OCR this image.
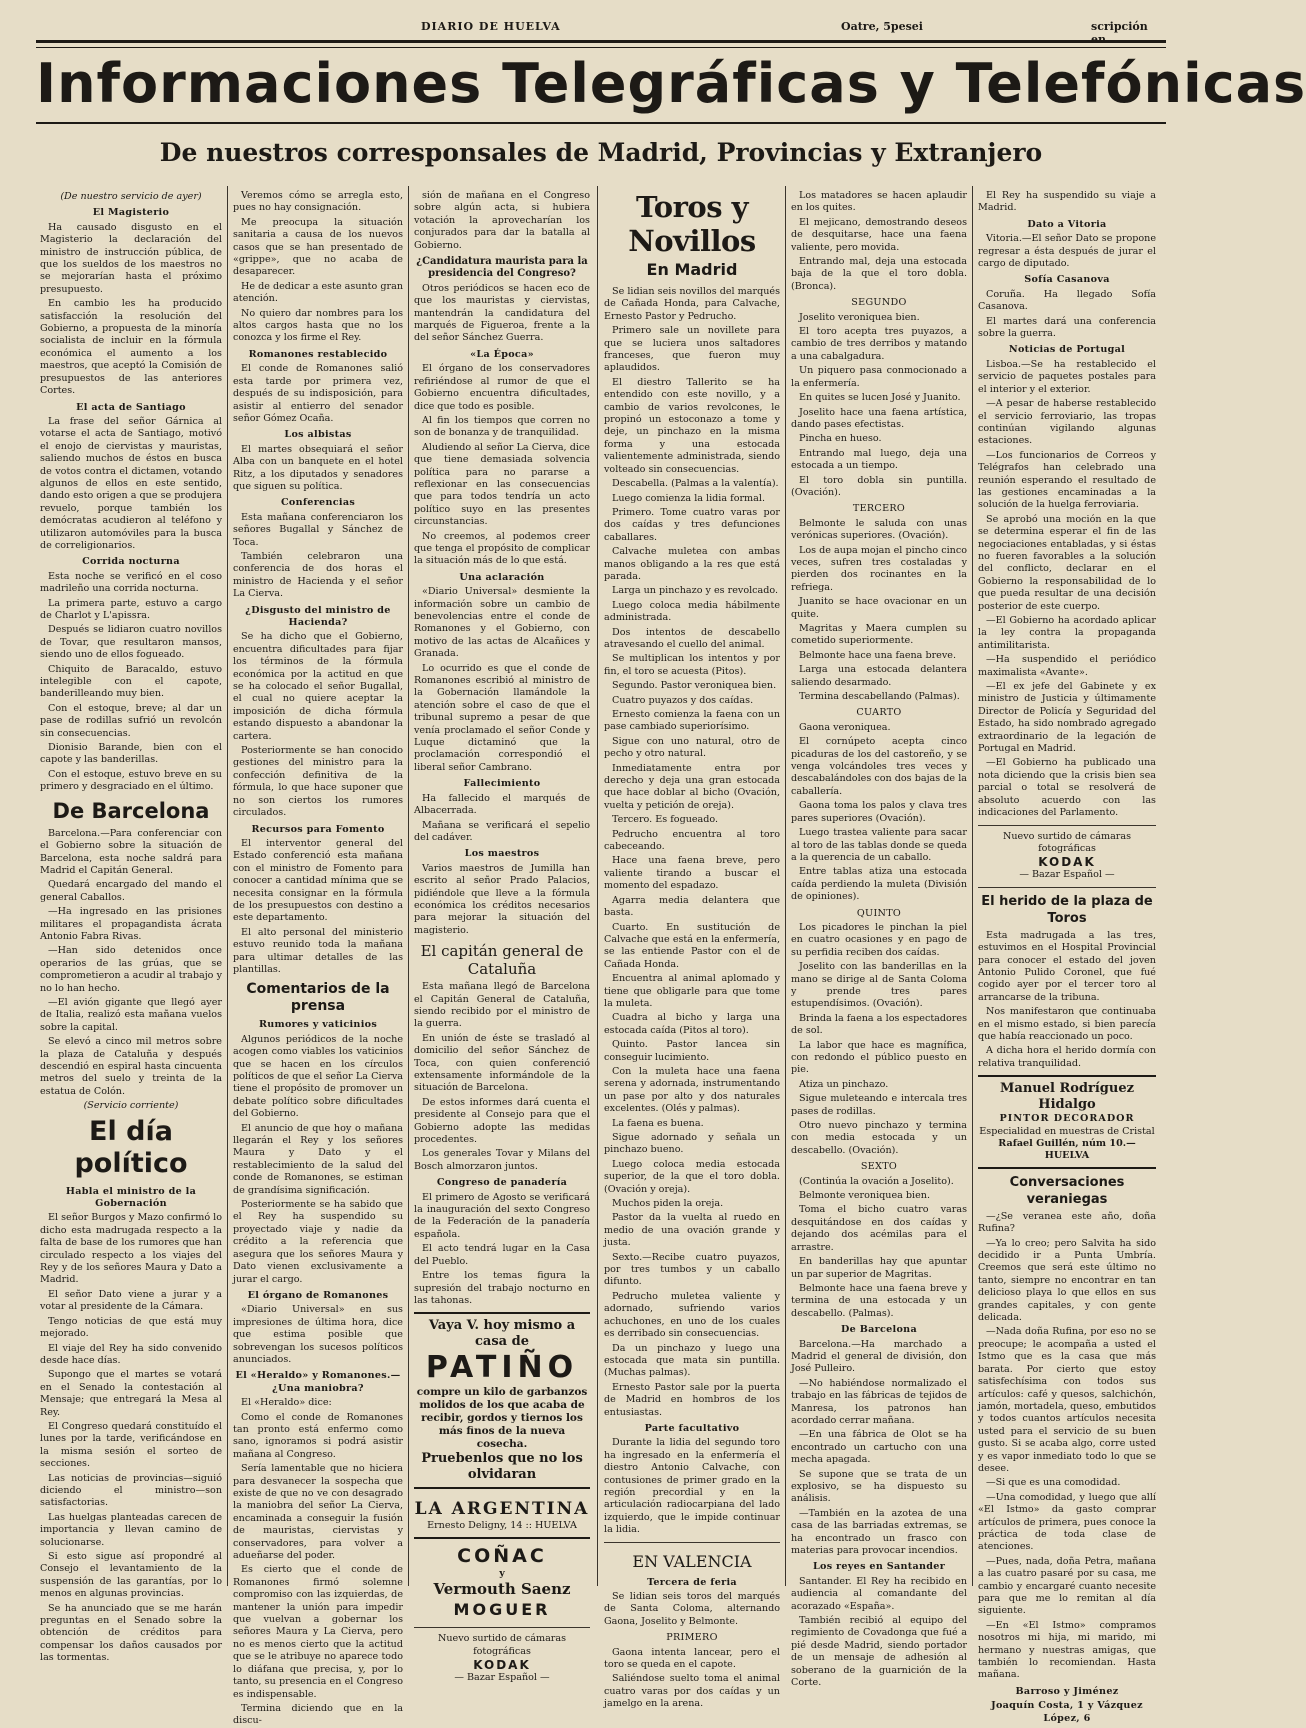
DIARIO DE HUELVA	Oatre, 5pesei	scripción en
Informaciones Telegráficas y Telefónicas
De nuestros corresponsales de Madrid, Provincias y Extranjero
(De nuestro servicio de ayer)
El Magisterio

Ha causado disgusto en el Magisterio la declaración del ministro de instrucción pública, de que los sueldos de los maestros no se mejorarían hasta el próximo presupuesto.

En cambio les ha producido satisfacción la resolución del Gobierno, a propuesta de la minoría socialista de incluir en la fórmula económica el aumento a los maestros, que aceptó la Comisión de presupuestos de las anteriores Cortes.

El acta de Santiago

La frase del señor Gárnica al votarse el acta de Santiago, motivó el enojo de ciervistas y mauristas, saliendo muchos de éstos en busca de votos contra el dictamen, votando algunos de ellos en este sentido, dando esto origen a que se produjera revuelo, porque también los demócratas acudieron al teléfono y utilizaron automóviles para la busca de correligionarios.

Corrida nocturna

Esta noche se verificó en el coso madrileño una corrida nocturna.

La primera parte, estuvo a cargo de Charlot y L'apissra.

Después se lidiaron cuatro novillos de Tovar, que resultaron mansos, siendo uno de ellos fogueado.

Chiquito de Baracaldo, estuvo intelegible con el capote, banderilleando muy bien.

Con el estoque, breve; al dar un pase de rodillas sufrió un revolcón sin consecuencias.

Dionisio Barande, bien con el capote y las banderillas.

Con el estoque, estuvo breve en su primero y desgraciado en el último.

De Barcelona

Barcelona.—Para conferenciar con el Gobierno sobre la situación de Barcelona, esta noche saldrá para Madrid el Capitán General.

Quedará encargado del mando el general Caballos.

—Ha ingresado en las prisiones militares el propagandista ácrata Antonio Fabra Rivas.

—Han sido detenidos once operarios de las grúas, que se comprometieron a acudir al trabajo y no lo han hecho.

—El avión gigante que llegó ayer de Italia, realizó esta mañana vuelos sobre la capital.

Se elevó a cinco mil metros sobre la plaza de Cataluña y después descendió en espiral hasta cincuenta metros del suelo y treinta de la estatua de Colón.

(Servicio corriente)
El día político
Habla el ministro de la Gobernación

El señor Burgos y Mazo confirmó lo dicho esta madrugada respecto a la falta de base de los rumores que han circulado respecto a los viajes del Rey y de los señores Maura y Dato a Madrid.

El señor Dato viene a jurar y a votar al presidente de la Cámara.

Tengo noticias de que está muy mejorado.

El viaje del Rey ha sido convenido desde hace días.

Supongo que el martes se votará en el Senado la contestación al Mensaje; que entregará la Mesa al Rey.

El Congreso quedará constituído el lunes por la tarde, verificándose en la misma sesión el sorteo de secciones.

Las noticias de provincias—siguió diciendo el ministro—son satisfactorias.

Las huelgas planteadas carecen de importancia y llevan camino de solucionarse.

Si esto sigue así propondré al Consejo el levantamiento de la suspensión de las garantías, por lo menos en algunas provincias.

Se ha anunciado que se me harán preguntas en el Senado sobre la obtención de créditos para compensar los daños causados por las tormentas.

Veremos cómo se arregla esto, pues no hay consignación.

Me preocupa la situación sanitaria a causa de los nuevos casos que se han presentado de «grippe», que no acaba de desaparecer.

He de dedicar a este asunto gran atención.

No quiero dar nombres para los altos cargos hasta que no los conozca y los firme el Rey.

Romanones restablecido

El conde de Romanones salió esta tarde por primera vez, después de su indisposición, para asistir al entierro del senador señor Gómez Ocaña.

Los albistas

El martes obsequiará el señor Alba con un banquete en el hotel Ritz, a los diputados y senadores que siguen su política.

Conferencias

Esta mañana conferenciaron los señores Bugallal y Sánchez de Toca.

También celebraron una conferencia de dos horas el ministro de Hacienda y el señor La Cierva.

¿Disgusto del ministro de Hacienda?

Se ha dicho que el Gobierno, encuentra dificultades para fijar los términos de la fórmula económica por la actitud en que se ha colocado el señor Bugallal, el cual no quiere aceptar la imposición de dicha fórmula estando dispuesto a abandonar la cartera.

Posteriormente se han conocido gestiones del ministro para la confección definitiva de la fórmula, lo que hace suponer que no son ciertos los rumores circulados.

Recursos para Fomento

El interventor general del Estado conferenció esta mañana con el ministro de Fomento para conocer a cantidad mínima que se necesita consignar en la fórmula de los presupuestos con destino a este departamento.

El alto personal del ministerio estuvo reunido toda la mañana para ultimar detalles de las plantillas.

Comentarios de la prensa
Rumores y vaticinios

Algunos periódicos de la noche acogen como viables los vaticinios que se hacen en los círculos políticos de que el señor La Cierva tiene el propósito de promover un debate político sobre dificultades del Gobierno.

El anuncio de que hoy o mañana llegarán el Rey y los señores Maura y Dato y el restablecimiento de la salud del conde de Romanones, se estiman de grandísima significación.

Posteriormente se ha sabido que el Rey ha suspendido su proyectado viaje y nadie da crédito a la referencia que asegura que los señores Maura y Dato vienen exclusivamente a jurar el cargo.

El órgano de Romanones

«Diario Universal» en sus impresiones de última hora, dice que estima posible que sobrevengan los sucesos políticos anunciados.

El «Heraldo» y Romanones.—¿Una maniobra?

El «Heraldo» dice:

Como el conde de Romanones tan pronto está enfermo como sano, ignoramos si podrá asistir mañana al Congreso.

Sería lamentable que no hiciera para desvanecer la sospecha que existe de que no ve con desagrado la maniobra del señor La Cierva, encaminada a conseguir la fusión de mauristas, ciervistas y conservadores, para volver a adueñarse del poder.

Es cierto que el conde de Romanones firmó solemne compromiso con las izquierdas, de mantener la unión para impedir que vuelvan a gobernar los señores Maura y La Cierva, pero no es menos cierto que la actitud que se le atribuye no aparece todo lo diáfana que precisa, y, por lo tanto, su presencia en el Congreso es indispensable.

Termina diciendo que en la discu-

sión de mañana en el Congreso sobre algún acta, si hubiera votación la aprovecharían los conjurados para dar la batalla al Gobierno.

¿Candidatura maurista para la presidencia del Congreso?

Otros periódicos se hacen eco de que los mauristas y ciervistas, mantendrán la candidatura del marqués de Figueroa, frente a la del señor Sánchez Guerra.

«La Época»

El órgano de los conservadores refiriéndose al rumor de que el Gobierno encuentra dificultades, dice que todo es posible.

Al fin los tiempos que corren no son de bonanza y de tranquilidad.

Aludiendo al señor La Cierva, dice que tiene demasiada solvencia política para no pararse a reflexionar en las consecuencias que para todos tendría un acto político suyo en las presentes circunstancias.

No creemos, al podemos creer que tenga el propósito de complicar la situación más de lo que está.

Una aclaración

«Diario Universal» desmiente la información sobre un cambio de benevolencias entre el conde de Romanones y el Gobierno, con motivo de las actas de Alcañices y Granada.

Lo ocurrido es que el conde de Romanones escribió al ministro de la Gobernación llamándole la atención sobre el caso de que el tribunal supremo a pesar de que venía proclamado el señor Conde y Luque dictaminó que la proclamación correspondió el liberal señor Cambrano.

Fallecimiento

Ha fallecido el marqués de Albacerrada.

Mañana se verificará el sepelio del cadáver.

Los maestros

Varios maestros de Jumilla han escrito al señor Prado Palacios, pidiéndole que lleve a la fórmula económica los créditos necesarios para mejorar la situación del magisterio.

El capitán general de Cataluña

Esta mañana llegó de Barcelona el Capitán General de Cataluña, siendo recibido por el ministro de la guerra.

En unión de éste se trasladó al domicilio del señor Sánchez de Toca, con quien conferenció extensamente informándole de la situación de Barcelona.

De estos informes dará cuenta el presidente al Consejo para que el Gobierno adopte las medidas procedentes.

Los generales Tovar y Milans del Bosch almorzaron juntos.

Congreso de panadería

El primero de Agosto se verificará la inauguración del sexto Congreso de la Federación de la panadería española.

El acto tendrá lugar en la Casa del Pueblo.

Entre los temas figura la supresión del trabajo nocturno en las tahonas.

Vaya V. hoy mismo a casa de
PATIÑO
compre un kilo de garbanzos molidos de los que acaba de recibir, gordos y tiernos los más finos de la nueva cosecha.
Pruebenlos que no los olvidaran
LA ARGENTINA
Ernesto Deligny, 14 :: HUELVA
COÑAC
y
Vermouth Saenz
MOGUER
Nuevo surtido de cámaras fotográficas
KODAK
— Bazar Español —
Toros y Novillos
En Madrid

Se lidian seis novillos del marqués de Cañada Honda, para Calvache, Ernesto Pastor y Pedrucho.

Primero sale un novillete para que se luciera unos saltadores franceses, que fueron muy aplaudidos.

El diestro Tallerito se ha entendido con este novillo, y a cambio de varios revolcones, le propinó un estoconazo a tome y deje, un pinchazo en la misma forma y una estocada valientemente administrada, siendo volteado sin consecuencias.

Descabella. (Palmas a la valentía).

Luego comienza la lidia formal.

Primero. Tome cuatro varas por dos caídas y tres defunciones caballares.

Calvache muletea con ambas manos obligando a la res que está parada.

Larga un pinchazo y es revolcado.

Luego coloca media hábilmente administrada.

Dos intentos de descabello atravesando el cuello del animal.

Se multiplican los intentos y por fin, el toro se acuesta (Pitos).

Segundo. Pastor veroniquea bien.

Cuatro puyazos y dos caídas.

Ernesto comienza la faena con un pase cambiado superiorísimo.

Sigue con uno natural, otro de pecho y otro natural.

Inmediatamente entra por derecho y deja una gran estocada que hace doblar al bicho (Ovación, vuelta y petición de oreja).

Tercero. Es fogueado.

Pedrucho encuentra al toro cabeceando.

Hace una faena breve, pero valiente tirando a buscar el momento del espadazo.

Agarra media delantera que basta.

Cuarto. En sustitución de Calvache que está en la enfermería, se las entiende Pastor con el de Cañada Honda.

Encuentra al animal aplomado y tiene que obligarle para que tome la muleta.

Cuadra al bicho y larga una estocada caída (Pitos al toro).

Quinto. Pastor lancea sin conseguir lucimiento.

Con la muleta hace una faena serena y adornada, instrumentando un pase por alto y dos naturales excelentes. (Olés y palmas).

La faena es buena.

Sigue adornado y señala un pinchazo bueno.

Luego coloca media estocada superior, de la que el toro dobla. (Ovación y oreja).

Muchos piden la oreja.

Pastor da la vuelta al ruedo en medio de una ovación grande y justa.

Sexto.—Recibe cuatro puyazos, por tres tumbos y un caballo difunto.

Pedrucho muletea valiente y adornado, sufriendo varios achuchones, en uno de los cuales es derribado sin consecuencias.

Da un pinchazo y luego una estocada que mata sin puntilla. (Muchas palmas).

Ernesto Pastor sale por la puerta de Madrid en hombros de los entusiastas.

Parte facultativo

Durante la lidia del segundo toro ha ingresado en la enfermería el diestro Antonio Calvache, con contusiones de primer grado en la región precordial y en la articulación radiocarpiana del lado izquierdo, que le impide continuar la lidia.

EN VALENCIA
Tercera de feria

Se lidian seis toros del marqués de Santa Coloma, alternando Gaona, Joselito y Belmonte.

PRIMERO

Gaona intenta lancear, pero el toro se queda en el capote.

Saliéndose suelto toma el animal cuatro varas por dos caídas y un jamelgo en la arena.

Los matadores se hacen aplaudir en los quites.

El mejicano, demostrando deseos de desquitarse, hace una faena valiente, pero movida.

Entrando mal, deja una estocada baja de la que el toro dobla. (Bronca).

SEGUNDO

Joselito veroniquea bien.

El toro acepta tres puyazos, a cambio de tres derribos y matando a una cabalgadura.

Un piquero pasa conmocionado a la enfermería.

En quites se lucen José y Juanito.

Joselito hace una faena artística, dando pases efectistas.

Pincha en hueso.

Entrando mal luego, deja una estocada a un tiempo.

El toro dobla sin puntilla. (Ovación).

TERCERO

Belmonte le saluda con unas verónicas superiores. (Ovación).

Los de aupa mojan el pincho cinco veces, sufren tres costaladas y pierden dos rocinantes en la refriega.

Juanito se hace ovacionar en un quite.

Magritas y Maera cumplen su cometido superiormente.

Belmonte hace una faena breve.

Larga una estocada delantera saliendo desarmado.

Termina descabellando (Palmas).

CUARTO

Gaona veroniquea.

El cornúpeto acepta cinco picaduras de los del castoreño, y se venga volcándoles tres veces y descabalándoles con dos bajas de la caballería.

Gaona toma los palos y clava tres pares superiores (Ovación).

Luego trastea valiente para sacar al toro de las tablas donde se queda a la querencia de un caballo.

Entre tablas atiza una estocada caída perdiendo la muleta (División de opiniones).

QUINTO

Los picadores le pinchan la piel en cuatro ocasiones y en pago de su perfidia reciben dos caídas.

Joselito con las banderillas en la mano se dirige al de Santa Coloma y prende tres pares estupendísimos. (Ovación).

Brinda la faena a los espectadores de sol.

La labor que hace es magnífica, con redondo el público puesto en pie.

Atiza un pinchazo.

Sigue muleteando e intercala tres pases de rodillas.

Otro nuevo pinchazo y termina con media estocada y un descabello. (Ovación).

SEXTO

(Continúa la ovación a Joselito).

Belmonte veroniquea bien.

Toma el bicho cuatro varas desquitándose en dos caídas y dejando dos acémilas para el arrastre.

En banderillas hay que apuntar un par superior de Magritas.

Belmonte hace una faena breve y termina de una estocada y un descabello. (Palmas).

De Barcelona

Barcelona.—Ha marchado a Madrid el general de división, don José Pulleiro.

—No habiéndose normalizado el trabajo en las fábricas de tejidos de Manresa, los patronos han acordado cerrar mañana.

—En una fábrica de Olot se ha encontrado un cartucho con una mecha apagada.

Se supone que se trata de un explosivo, se ha dispuesto su análisis.

—También en la azotea de una casa de las barriadas extremas, se ha encontrado un frasco con materias para provocar incendios.

Los reyes en Santander

Santander. El Rey ha recibido en audiencia al comandante del acorazado «España».

También recibió al equipo del regimiento de Covadonga que fué a pié desde Madrid, siendo portador de un mensaje de adhesión al soberano de la guarnición de la Corte.

El Rey ha suspendido su viaje a Madrid.

Dato a Vitoria

Vitoria.—El señor Dato se propone regresar a ésta después de jurar el cargo de diputado.

Sofía Casanova

Coruña. Ha llegado Sofía Casanova.

El martes dará una conferencia sobre la guerra.

Noticias de Portugal

Lisboa.—Se ha restablecido el servicio de paquetes postales para el interior y el exterior.

—A pesar de haberse restablecido el servicio ferroviario, las tropas continúan vigilando algunas estaciones.

—Los funcionarios de Correos y Telégrafos han celebrado una reunión esperando el resultado de las gestiones encaminadas a la solución de la huelga ferroviaria.

Se aprobó una moción en la que se determina esperar el fin de las negociaciones entabladas, y si éstas no fueren favorables a la solución del conflicto, declarar en el Gobierno la responsabilidad de lo que pueda resultar de una decisión posterior de este cuerpo.

—El Gobierno ha acordado aplicar la ley contra la propaganda antimilitarista.

—Ha suspendido el periódico maximalista «Avante».

—El ex jefe del Gabinete y ex ministro de Justicia y últimamente Director de Policía y Seguridad del Estado, ha sido nombrado agregado extraordinario de la legación de Portugal en Madrid.

—El Gobierno ha publicado una nota diciendo que la crisis bien sea parcial o total se resolverá de absoluto acuerdo con las indicaciones del Parlamento.

Nuevo surtido de cámaras fotográficas
KODAK
— Bazar Español —
El herido de la plaza de Toros

Esta madrugada a las tres, estuvimos en el Hospital Provincial para conocer el estado del joven Antonio Pulido Coronel, que fué cogido ayer por el tercer toro al arrancarse de la tribuna.

Nos manifestaron que continuaba en el mismo estado, si bien parecía que había reaccionado un poco.

A dicha hora el herido dormía con relativa tranquilidad.

Manuel Rodríguez Hidalgo
PINTOR DECORADOR
Especialidad en muestras de Cristal
Rafael Guillén, núm 10.—HUELVA
Conversaciones veraniegas

—¿Se veranea este año, doña Rufina?

—Ya lo creo; pero Salvita ha sido decidido ir a Punta Umbría. Creemos que será este último no tanto, siempre no encontrar en tan delicioso playa lo que ellos en sus grandes capitales, y con gente delicada.

—Nada doña Rufina, por eso no se preocupe; le acompaña a usted el Istmo que es la casa que más barata. Por cierto que estoy satisfechísima con todos sus artículos: café y quesos, salchichón, jamón, mortadela, queso, embutidos y todos cuantos artículos necesita usted para el servicio de su buen gusto. Si se acaba algo, corre usted y es vapor inmediato todo lo que se desee.

—Si que es una comodidad.

—Una comodidad, y luego que allí «El Istmo» da gasto comprar artículos de primera, pues conoce la práctica de toda clase de atenciones.

—Pues, nada, doña Petra, mañana a las cuatro pasaré por su casa, me cambio y encargaré cuanto necesite para que me lo remitan al día siguiente.

—En «El Istmo» compramos nosotros mi hija, mi marido, mi hermano y nuestras amigas, que también lo recomiendan. Hasta mañana.

Barroso y Jiménez
Joaquín Costa, 1 y Vázquez López, 6
